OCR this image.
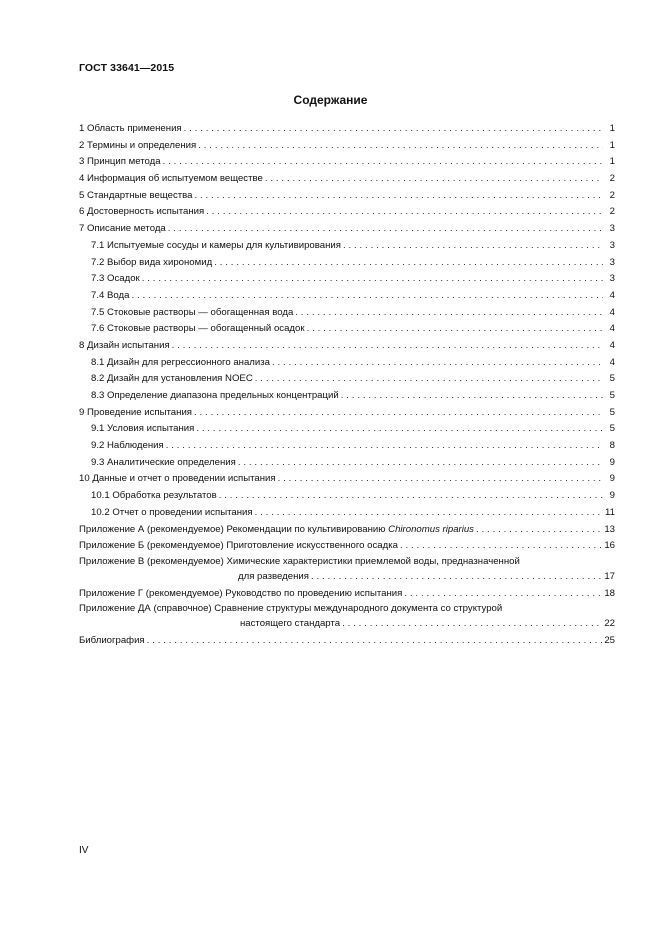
ГОСТ 33641—2015
Содержание
1 Область применения . . .	1
2 Термины и определения . . .	1
3 Принцип метода . . .	1
4 Информация об испытуемом веществе . . .	2
5 Стандартные вещества . . .	2
6 Достоверность испытания . . .	2
7 Описание метода . . .	3
7.1 Испытуемые сосуды и камеры для культивирования . . .	3
7.2 Выбор вида хирономид . . .	3
7.3 Осадок . . .	3
7.4 Вода . . .	4
7.5 Стоковые растворы — обогащенная вода . . .	4
7.6 Стоковые растворы — обогащенный осадок . . .	4
8 Дизайн испытания . . .	4
8.1 Дизайн для регрессионного анализа . . .	4
8.2 Дизайн для установления NOEC . . .	5
8.3 Определение диапазона предельных концентраций . . .	5
9 Проведение испытания . . .	5
9.1 Условия испытания . . .	5
9.2 Наблюдения . . .	8
9.3 Аналитические определения . . .	9
10 Данные и отчет о проведении испытания . . .	9
10.1 Обработка результатов . . .	9
10.2 Отчет о проведении испытания . . .	11
Приложение А (рекомендуемое) Рекомендации по культивированию Chironomus riparius . . .	13
Приложение Б (рекомендуемое) Приготовление искусственного осадка . . .	16
Приложение В (рекомендуемое) Химические характеристики приемлемой воды, предназначенной
для разведения . . .	17
Приложение Г (рекомендуемое) Руководство по проведению испытания . . .	18
Приложение ДА (справочное) Сравнение структуры международного документа со структурой
настоящего стандарта . . .	22
Библиография . . .	25
IV
